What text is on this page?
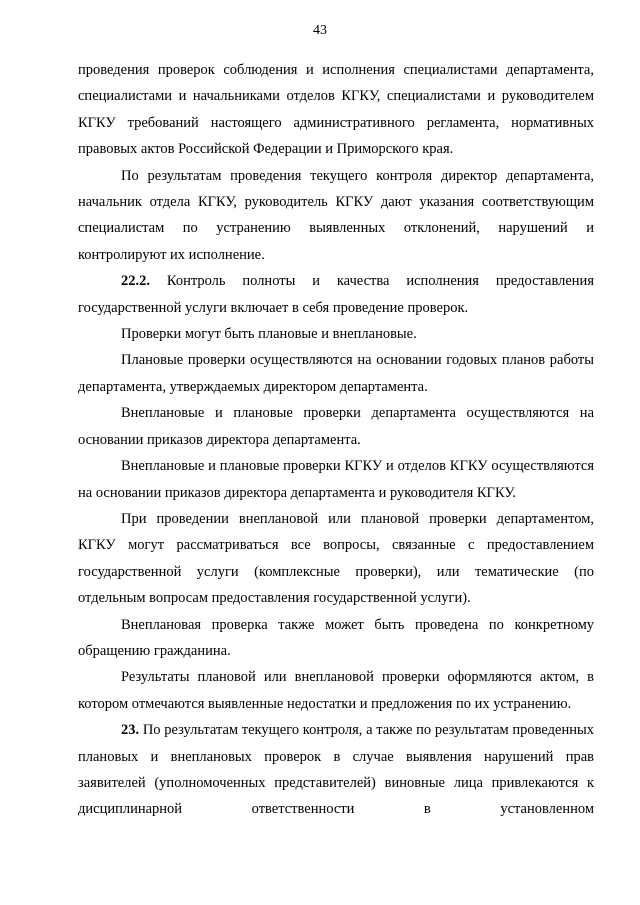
43

проведения проверок соблюдения и исполнения специалистами департамента, специалистами и начальниками отделов КГКУ, специалистами и руководителем КГКУ требований настоящего административного регламента, нормативных правовых актов Российской Федерации и Приморского края.

По результатам проведения текущего контроля директор департамента, начальник отдела КГКУ, руководитель КГКУ дают указания соответствующим специалистам по устранению выявленных отклонений, нарушений и контролируют их исполнение.

22.2. Контроль полноты и качества исполнения предоставления государственной услуги включает в себя проведение проверок.

Проверки могут быть плановые и внеплановые.

Плановые проверки осуществляются на основании годовых планов работы департамента, утверждаемых директором департамента.

Внеплановые и плановые проверки департамента осуществляются на основании приказов директора департамента.

Внеплановые и плановые проверки КГКУ и отделов КГКУ осуществляются на основании приказов директора департамента и руководителя КГКУ.

При проведении внеплановой или плановой проверки департаментом, КГКУ могут рассматриваться все вопросы, связанные с предоставлением государственной услуги (комплексные проверки), или тематические (по отдельным вопросам предоставления государственной услуги).

Внеплановая проверка также может быть проведена по конкретному обращению гражданина.

Результаты плановой или внеплановой проверки оформляются актом, в котором отмечаются выявленные недостатки и предложения по их устранению.

23. По результатам текущего контроля, а также по результатам проведенных плановых и внеплановых проверок в случае выявления нарушений прав заявителей (уполномоченных представителей) виновные лица привлекаются к дисциплинарной ответственности в установленном
